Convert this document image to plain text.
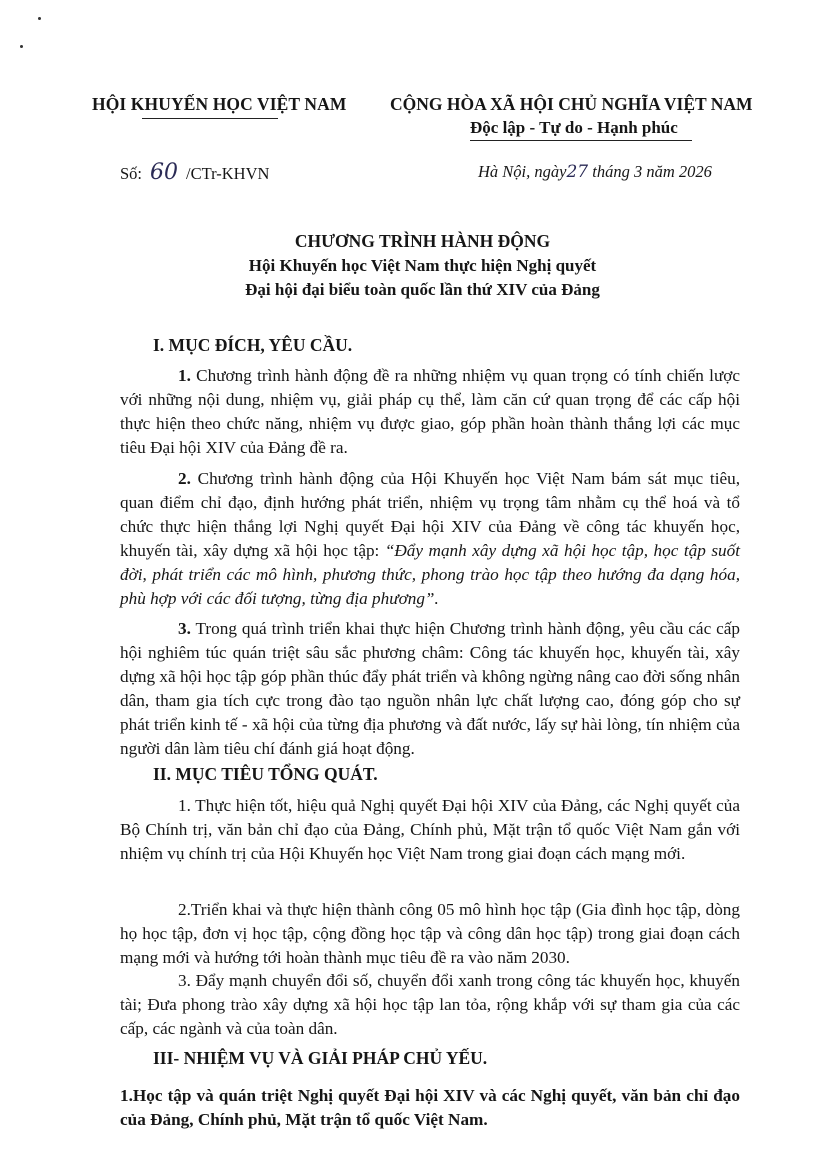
HỘI KHUYẾN HỌC VIỆT NAM CỘNG HÒA XÃ HỘI CHỦ NGHĨA VIỆT NAM
Độc lập - Tự do - Hạnh phúc
Số: 60 /CTr-KHVN	Hà Nội, ngày27 tháng 3 năm 2026
CHƯƠNG TRÌNH HÀNH ĐỘNG
Hội Khuyến học Việt Nam thực hiện Nghị quyết
Đại hội đại biểu toàn quốc lần thứ XIV của Đảng
I. MỤC ĐÍCH, YÊU CẦU.
1. Chương trình hành động đề ra những nhiệm vụ quan trọng có tính chiến lược với những nội dung, nhiệm vụ, giải pháp cụ thể, làm căn cứ quan trọng để các cấp hội thực hiện theo chức năng, nhiệm vụ được giao, góp phần hoàn thành thắng lợi các mục tiêu Đại hội XIV của Đảng đề ra.
2. Chương trình hành động của Hội Khuyến học Việt Nam bám sát mục tiêu, quan điểm chỉ đạo, định hướng phát triển, nhiệm vụ trọng tâm nhằm cụ thể hoá và tổ chức thực hiện thắng lợi Nghị quyết Đại hội XIV của Đảng về công tác khuyến học, khuyến tài, xây dựng xã hội học tập: “Đẩy mạnh xây dựng xã hội học tập, học tập suốt đời, phát triển các mô hình, phương thức, phong trào học tập theo hướng đa dạng hóa, phù hợp với các đối tượng, từng địa phương”.
3. Trong quá trình triển khai thực hiện Chương trình hành động, yêu cầu các cấp hội nghiêm túc quán triệt sâu sắc phương châm: Công tác khuyến học, khuyến tài, xây dựng xã hội học tập góp phần thúc đẩy phát triển và không ngừng nâng cao đời sống nhân dân, tham gia tích cực trong đào tạo nguồn nhân lực chất lượng cao, đóng góp cho sự phát triển kinh tế - xã hội của từng địa phương và đất nước, lấy sự hài lòng, tín nhiệm của người dân làm tiêu chí đánh giá hoạt động.
II. MỤC TIÊU TỔNG QUÁT.
1. Thực hiện tốt, hiệu quả Nghị quyết Đại hội XIV của Đảng, các Nghị quyết của Bộ Chính trị, văn bản chỉ đạo của Đảng, Chính phủ, Mặt trận tổ quốc Việt Nam gắn với nhiệm vụ chính trị của Hội Khuyến học Việt Nam trong giai đoạn cách mạng mới.
2.Triển khai và thực hiện thành công 05 mô hình học tập (Gia đình học tập, dòng họ học tập, đơn vị học tập, cộng đồng học tập và công dân học tập) trong giai đoạn cách mạng mới và hướng tới hoàn thành mục tiêu đề ra vào năm 2030.
3. Đẩy mạnh chuyển đổi số, chuyển đổi xanh trong công tác khuyến học, khuyến tài; Đưa phong trào xây dựng xã hội học tập lan tỏa, rộng khắp với sự tham gia của các cấp, các ngành và của toàn dân.
III- NHIỆM VỤ VÀ GIẢI PHÁP CHỦ YẾU.
1.Học tập và quán triệt Nghị quyết Đại hội XIV và các Nghị quyết, văn bản chỉ đạo của Đảng, Chính phủ, Mặt trận tổ quốc Việt Nam.
